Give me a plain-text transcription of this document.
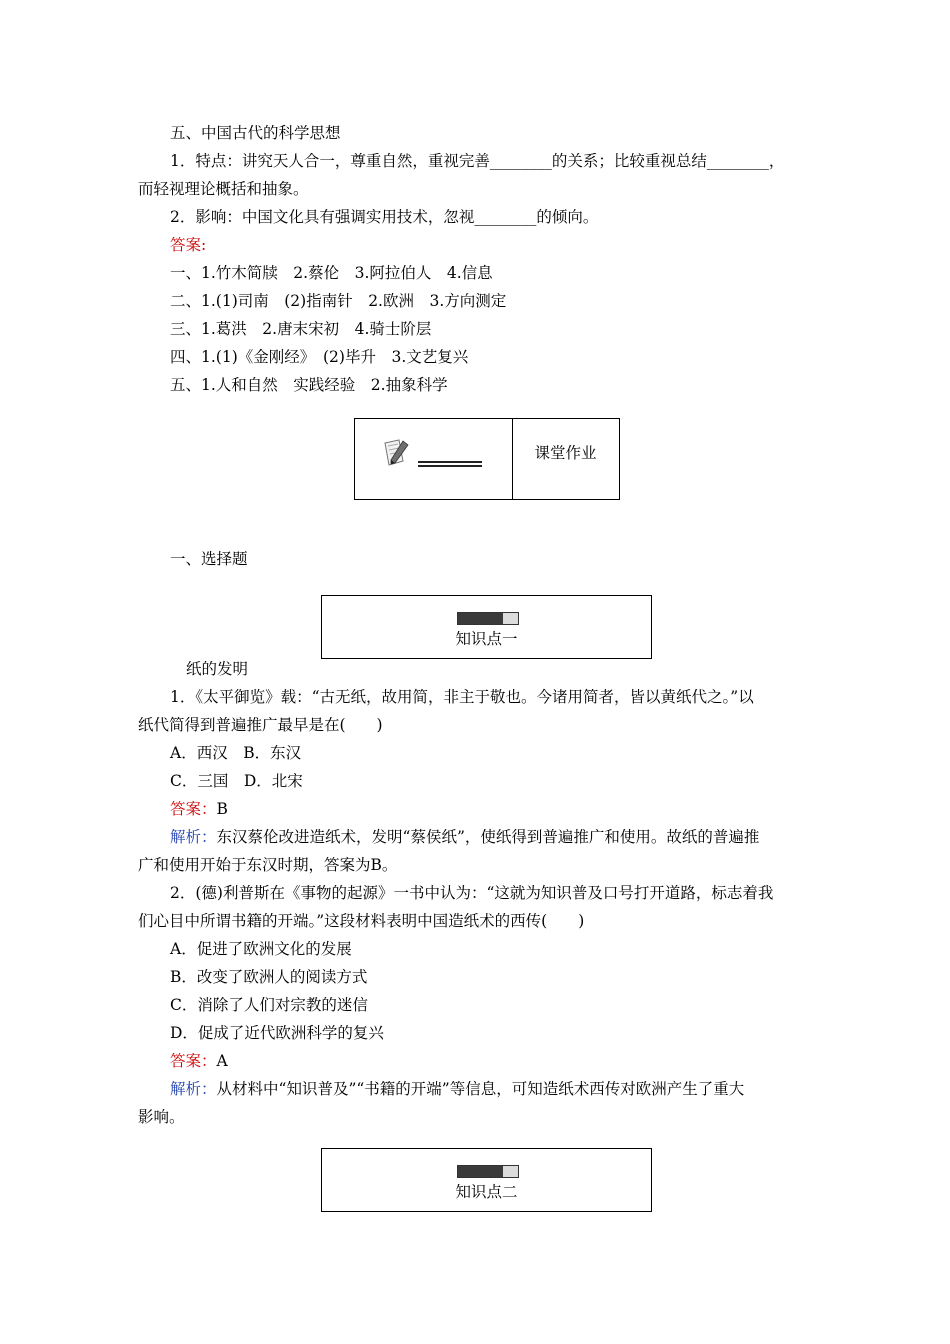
五、中国古代的科学思想
1．特点：讲究天人合一，尊重自然，重视完善________的关系；比较重视总结________，
而轻视理论概括和抽象。
2．影响：中国文化具有强调实用技术，忽视________的倾向。
答案:
一、1.竹木简牍　2.蔡伦　3.阿拉伯人　4.信息
二、1.(1)司南　(2)指南针　2.欧洲　3.方向测定
三、1.葛洪　2.唐末宋初　4.骑士阶层
四、1.(1)《金刚经》　(2)毕升　3.文艺复兴
五、1.人和自然　实践经验　2.抽象科学
课堂作业
一、选择题
知识点一
纸的发明
1．《太平御览》载：“古无纸，故用简，非主于敬也。今诸用简者，皆以黄纸代之。”以
纸代简得到普遍推广最早是在(　　)
A．西汉　B．东汉
C．三国　D．北宋
答案：B
解析：东汉蔡伦改进造纸术，发明“蔡侯纸”，使纸得到普遍推广和使用。故纸的普遍推
广和使用开始于东汉时期，答案为B。
2．(德)利普斯在《事物的起源》一书中认为：“这就为知识普及口号打开道路，标志着我
们心目中所谓书籍的开端。”这段材料表明中国造纸术的西传(　　)
A．促进了欧洲文化的发展
B．改变了欧洲人的阅读方式
C．消除了人们对宗教的迷信
D．促成了近代欧洲科学的复兴
答案：A
解析：从材料中“知识普及”“书籍的开端”等信息，可知造纸术西传对欧洲产生了重大
影响。
知识点二
